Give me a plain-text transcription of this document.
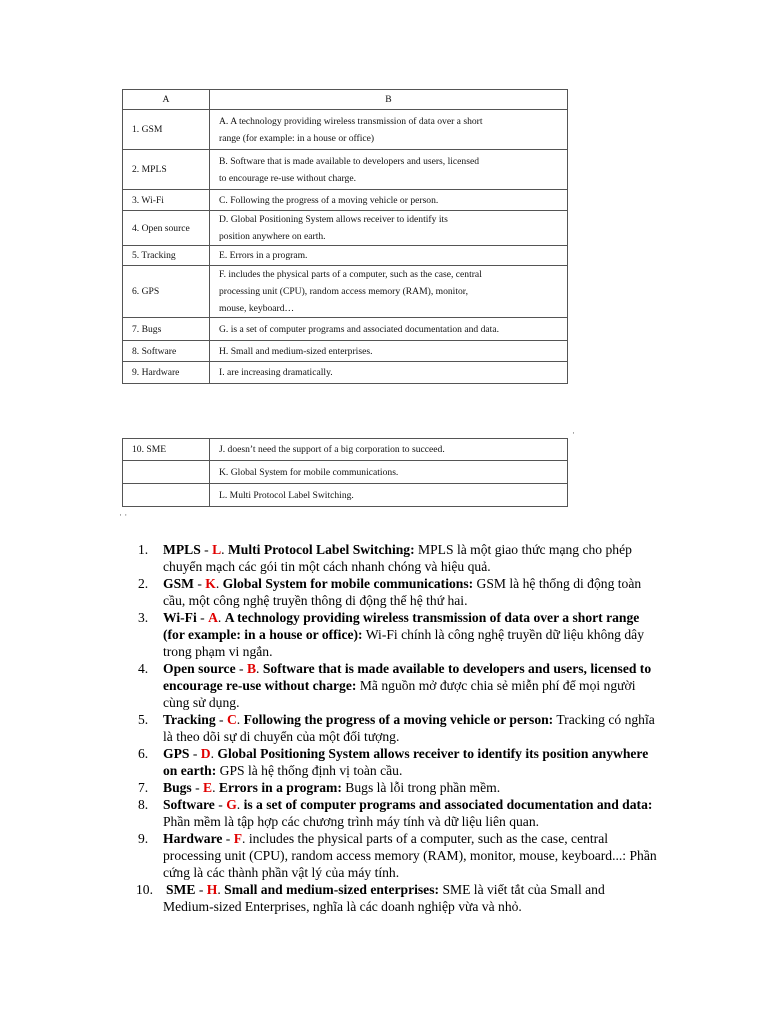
A	B
1. GSM	A. A technology providing wireless transmission of data over a short
range (for example: in a house or office)
2. MPLS	B. Software that is made available to developers and users, licensed
to encourage re-use without charge.
3. Wi-Fi	C. Following the progress of a moving vehicle or person.
4. Open source	D. Global Positioning System allows receiver to identify its
position anywhere on earth.
5. Tracking	E. Errors in a program.
6. GPS	F. includes the physical parts of a computer, such as the case, central
processing unit (CPU), random access memory (RAM), monitor,
mouse, keyboard…
7. Bugs	G. is a set of computer programs and associated documentation and data.
8. Software	H. Small and medium-sized enterprises.
9. Hardware	I. are increasing dramatically.
·
10. SME	J. doesn’t need the support of a big corporation to succeed.
	K. Global System for mobile communications.
	L. Multi Protocol Label Switching.
· ·
1. MPLS - L. Multi Protocol Label Switching: MPLS là một giao thức mạng cho phép chuyển mạch các gói tin một cách nhanh chóng và hiệu quả.
2. GSM - K. Global System for mobile communications: GSM là hệ thống di động toàn cầu, một công nghệ truyền thông di động thế hệ thứ hai.
3. Wi-Fi - A. A technology providing wireless transmission of data over a short range (for example: in a house or office): Wi-Fi chính là công nghệ truyền dữ liệu không dây trong phạm vi ngắn.
4. Open source - B. Software that is made available to developers and users, licensed to encourage re-use without charge: Mã nguồn mở được chia sẻ miễn phí để mọi người cùng sử dụng.
5. Tracking - C. Following the progress of a moving vehicle or person: Tracking có nghĩa là theo dõi sự di chuyển của một đối tượng.
6. GPS - D. Global Positioning System allows receiver to identify its position anywhere on earth: GPS là hệ thống định vị toàn cầu.
7. Bugs - E. Errors in a program: Bugs là lỗi trong phần mềm.
8. Software - G. is a set of computer programs and associated documentation and data: Phần mềm là tập hợp các chương trình máy tính và dữ liệu liên quan.
9. Hardware - F. includes the physical parts of a computer, such as the case, central processing unit (CPU), random access memory (RAM), monitor, mouse, keyboard...: Phần cứng là các thành phần vật lý của máy tính.
10. SME - H. Small and medium-sized enterprises: SME là viết tắt của Small and Medium-sized Enterprises, nghĩa là các doanh nghiệp vừa và nhỏ.
